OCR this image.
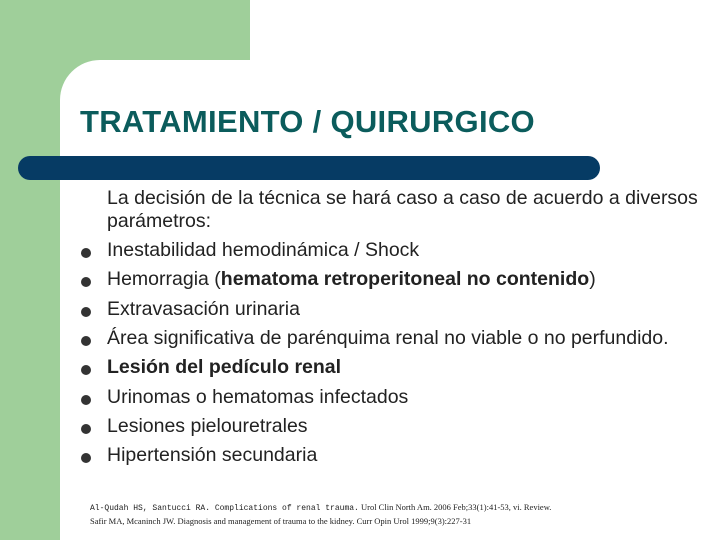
TRATAMIENTO / QUIRURGICO
La decisión de la técnica se hará caso a caso de acuerdo a diversos parámetros:
Inestabilidad hemodinámica / Shock
Hemorragia (hematoma retroperitoneal no contenido)
Extravasación urinaria
Área significativa de parénquima renal no viable o no perfundido.
Lesión del pedículo renal
Urinomas o hematomas infectados
Lesiones pielouretrales
Hipertensión secundaria
Al-Qudah HS, Santucci RA. Complications of renal trauma. Urol Clin North Am. 2006 Feb;33(1):41-53, vi. Review.
Safir MA, Mcaninch JW. Diagnosis and management of trauma to the kidney. Curr Opin Urol 1999;9(3):227-31
